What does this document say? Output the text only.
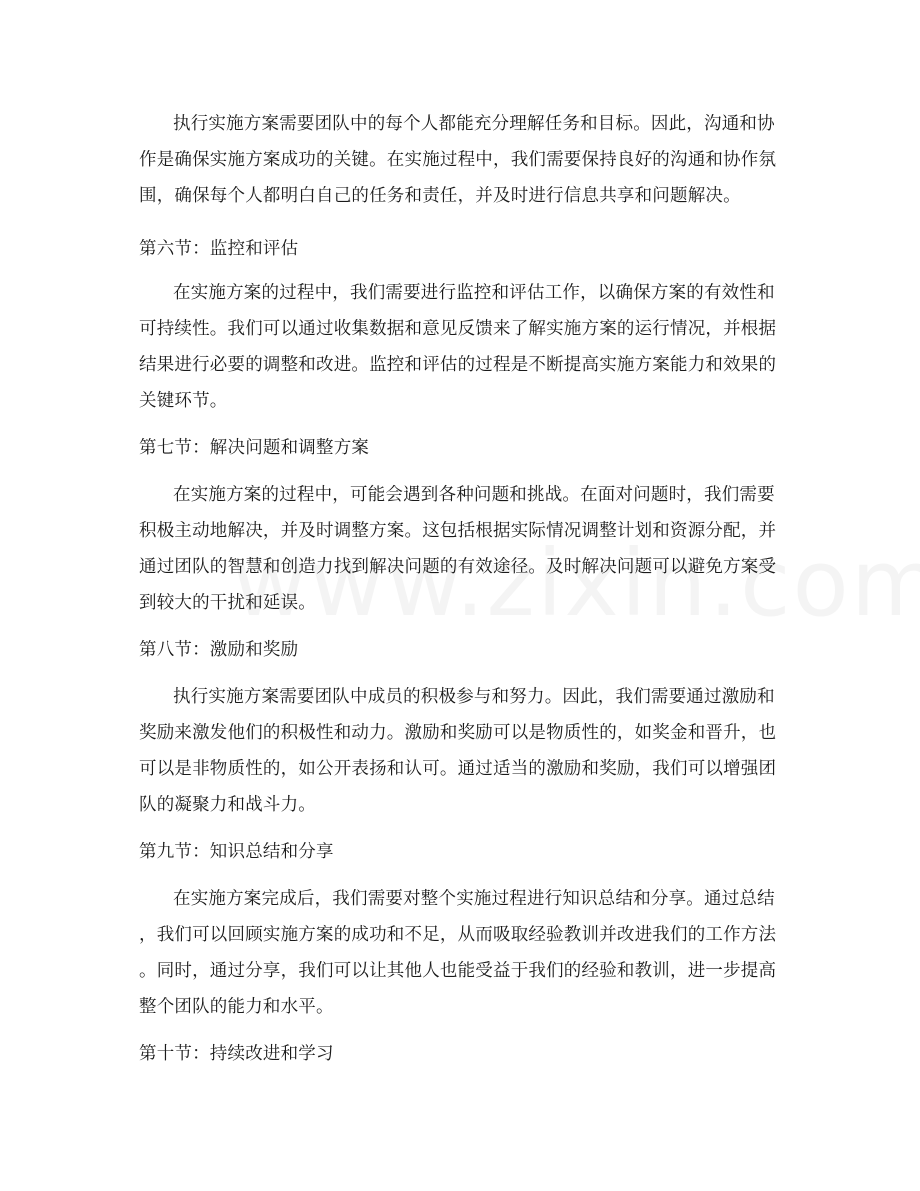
执行实施方案需要团队中的每个人都能充分理解任务和目标。因此，沟通和协
作是确保实施方案成功的关键。在实施过程中，我们需要保持良好的沟通和协作氛
围，确保每个人都明白自己的任务和责任，并及时进行信息共享和问题解决。
第六节：监控和评估
在实施方案的过程中，我们需要进行监控和评估工作，以确保方案的有效性和
可持续性。我们可以通过收集数据和意见反馈来了解实施方案的运行情况，并根据
结果进行必要的调整和改进。监控和评估的过程是不断提高实施方案能力和效果的
关键环节。
第七节：解决问题和调整方案
在实施方案的过程中，可能会遇到各种问题和挑战。在面对问题时，我们需要
积极主动地解决，并及时调整方案。这包括根据实际情况调整计划和资源分配，并
通过团队的智慧和创造力找到解决问题的有效途径。及时解决问题可以避免方案受
到较大的干扰和延误。
第八节：激励和奖励
执行实施方案需要团队中成员的积极参与和努力。因此，我们需要通过激励和
奖励来激发他们的积极性和动力。激励和奖励可以是物质性的，如奖金和晋升，也
可以是非物质性的，如公开表扬和认可。通过适当的激励和奖励，我们可以增强团
队的凝聚力和战斗力。
第九节：知识总结和分享
在实施方案完成后，我们需要对整个实施过程进行知识总结和分享。通过总结
，我们可以回顾实施方案的成功和不足，从而吸取经验教训并改进我们的工作方法
。同时，通过分享，我们可以让其他人也能受益于我们的经验和教训，进一步提高
整个团队的能力和水平。
第十节：持续改进和学习
